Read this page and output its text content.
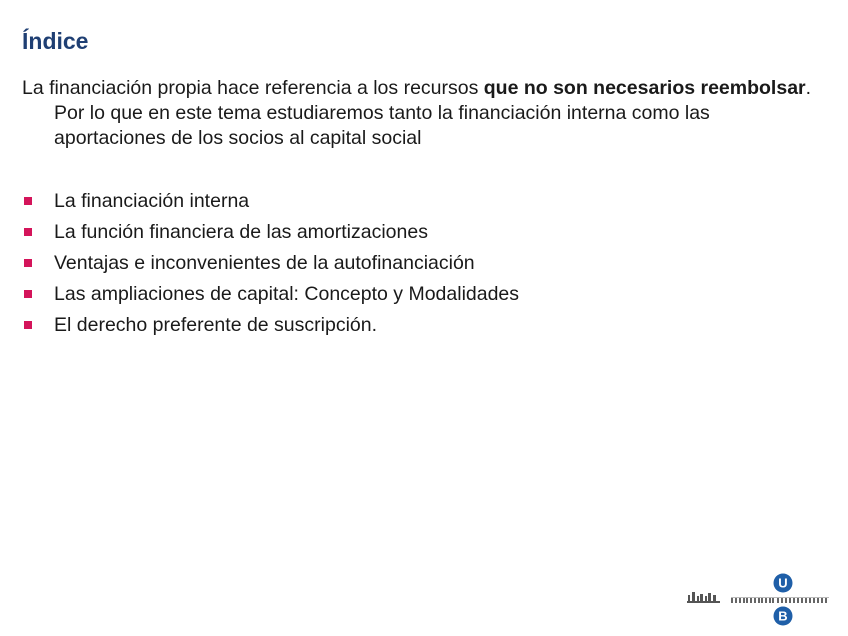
Índice

La financiación propia hace referencia a los recursos que no son necesarios reembolsar. Por lo que en este tema estudiaremos tanto la financiación interna como las aportaciones de los socios al capital social

La financiación interna
La función financiera de las amortizaciones
Ventajas e inconvenientes de la autofinanciación
Las ampliaciones de capital: Concepto y Modalidades
El derecho preferente de suscripción.
U
B
